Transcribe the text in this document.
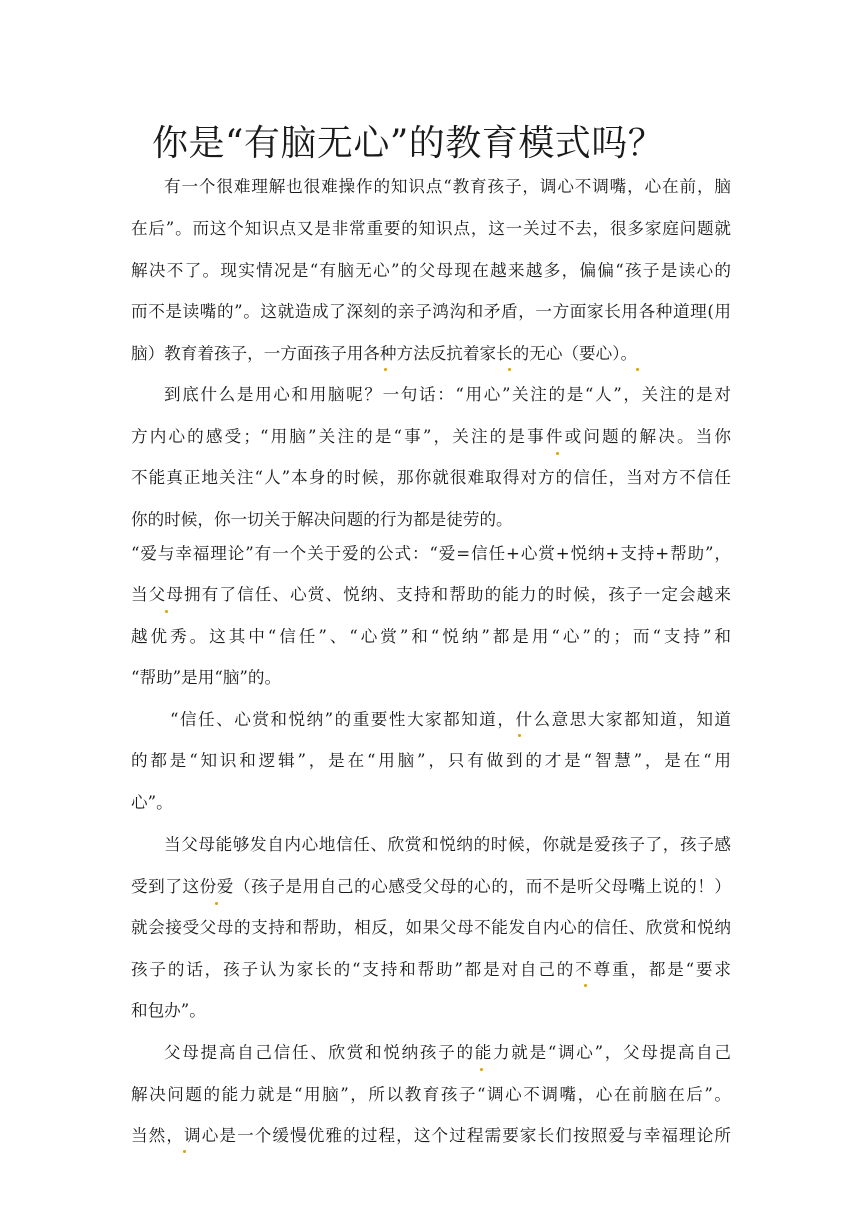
你是“有脑无心”的教育模式吗？
有一个很难理解也很难操作的知识点“教育孩子，调心不调嘴，心在前，脑
在后”。而这个知识点又是非常重要的知识点，这一关过不去，很多家庭问题就
解决不了。现实情况是“有脑无心”的父母现在越来越多，偏偏“孩子是读心的
而不是读嘴的”。这就造成了深刻的亲子鸿沟和矛盾，一方面家长用各种道理(用
脑）教育着孩子，一方面孩子用各种方法反抗着家长的无心（要心）。
到底什么是用心和用脑呢？一句话：“用心”关注的是“人”，关注的是对
方内心的感受；“用脑”关注的是“事”，关注的是事件或问题的解决。当你
不能真正地关注“人”本身的时候，那你就很难取得对方的信任，当对方不信任
你的时候，你一切关于解决问题的行为都是徒劳的。
“爱与幸福理论”有一个关于爱的公式：“爱=信任+心赏+悦纳+支持+帮助”，
当父母拥有了信任、心赏、悦纳、支持和帮助的能力的时候，孩子一定会越来
越优秀。这其中“信任”、“心赏”和“悦纳”都是用“心”的；而“支持”和
“帮助”是用“脑”的。
“信任、心赏和悦纳”的重要性大家都知道，什么意思大家都知道，知道
的都是“知识和逻辑”，是在“用脑”，只有做到的才是“智慧”，是在“用
心”。
当父母能够发自内心地信任、欣赏和悦纳的时候，你就是爱孩子了，孩子感
受到了这份爱（孩子是用自己的心感受父母的心的，而不是听父母嘴上说的！）
就会接受父母的支持和帮助，相反，如果父母不能发自内心的信任、欣赏和悦纳
孩子的话，孩子认为家长的“支持和帮助”都是对自己的不尊重，都是“要求
和包办”。
父母提高自己信任、欣赏和悦纳孩子的能力就是“调心”，父母提高自己
解决问题的能力就是“用脑”，所以教育孩子“调心不调嘴，心在前脑在后”。
当然，调心是一个缓慢优雅的过程，这个过程需要家长们按照爱与幸福理论所
